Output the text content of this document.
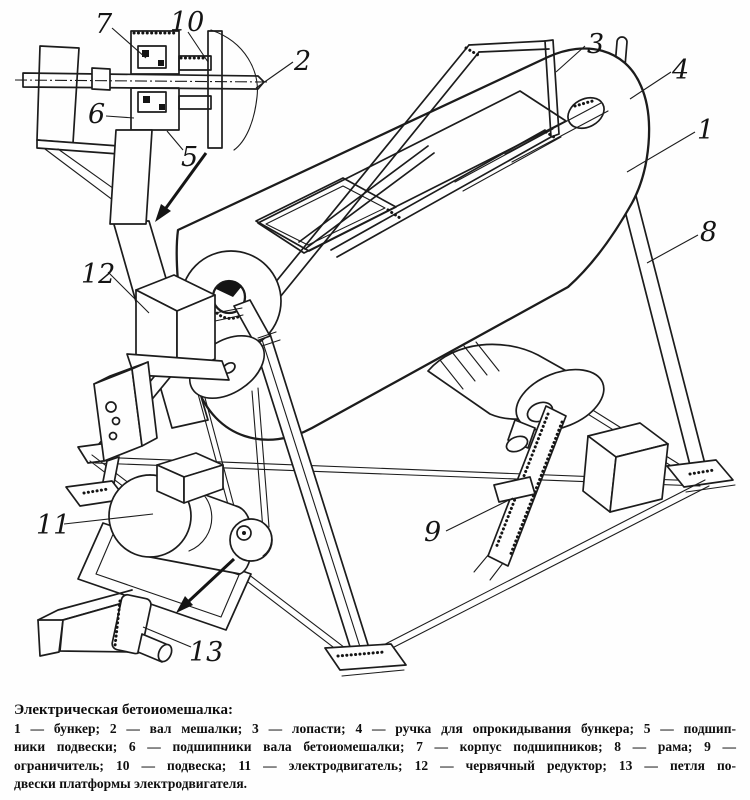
1
2
3
4
5
6
7
8
9
10
11
12
13
Электрическая бетоиомешалка:
1 — бункер; 2 — вал мешалки; 3 — лопасти; 4 — ручка для опрокидывания бункера; 5 — подшип-
ники подвески; 6 — подшипники вала бетоиомешалки; 7 — корпус подшипников; 8 — рама; 9 —
ограничитель; 10 — подвеска; 11 — электродвигатель; 12 — червячный редуктор; 13 — петля по-
двески платформы электродвигателя.
